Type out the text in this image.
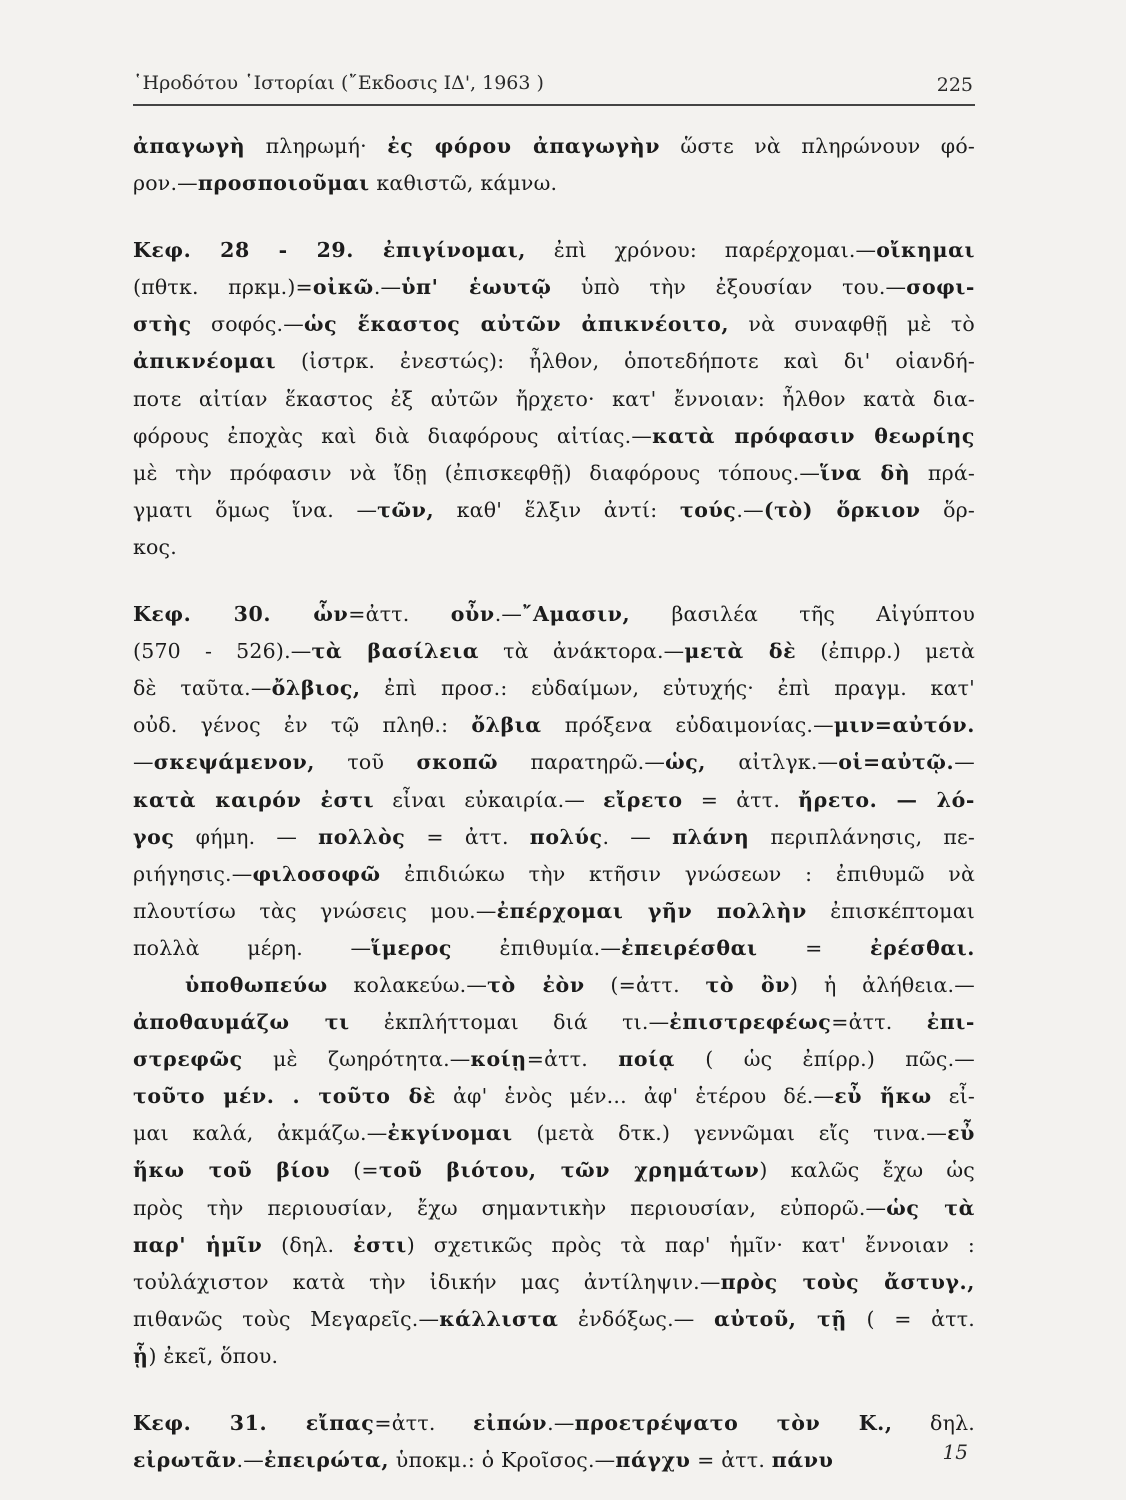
῾Ηροδότου ῾Ιστορίαι (῎Εκδοσις ΙΔ', 1963 )	225
ἀπαγωγὴ πληρωμή· ἐς φόρου ἀπαγωγὴν ὥστε νὰ πληρώνουν φό-
ρον.—προσποιοῦμαι καθιστῶ, κάμνω.
Κεφ. 28 - 29. ἐπιγίνομαι, ἐπὶ χρόνου: παρέρχομαι.—οἴκημαι
(πθτκ. πρκμ.)=οἰκῶ.—ὑπ' ἑωυτῷ ὑπὸ τὴν ἐξουσίαν του.—σοφι-
στὴς σοφός.—ὡς ἕκαστος αὐτῶν ἀπικνέοιτο, νὰ συναφθῇ μὲ τὸ
ἀπικνέομαι (ἰστρκ. ἐνεστώς): ἦλθον, ὁποτεδήποτε καὶ δι' οἱανδή-
ποτε αἰτίαν ἕκαστος ἐξ αὐτῶν ἤρχετο· κατ' ἔννοιαν: ἦλθον κατὰ δια-
φόρους ἐποχὰς καὶ διὰ διαφόρους αἰτίας.—κατὰ πρόφασιν θεωρίης
μὲ τὴν πρόφασιν νὰ ἴδῃ (ἐπισκεφθῇ) διαφόρους τόπους.—ἵνα δὴ πρά-
γματι ὅμως ἵνα. —τῶν, καθ' ἕλξιν ἀντί: τούς.—(τὸ) ὅρκιον ὅρ-
κος.
Κεφ. 30. ὧν=ἀττ. οὖν.—῎Αμασιν, βασιλέα τῆς Αἰγύπτου
(570 - 526).—τὰ βασίλεια τὰ ἀνάκτορα.—μετὰ δὲ (ἐπιρρ.) μετὰ
δὲ ταῦτα.—ὄλβιος, ἐπὶ προσ.: εὐδαίμων, εὐτυχής· ἐπὶ πραγμ. κατ'
οὐδ. γένος ἐν τῷ πληθ.: ὄλβια πρόξενα εὐδαιμονίας.—μιν=αὐτόν.
—σκεψάμενον, τοῦ σκοπῶ παρατηρῶ.—ὡς, αἰτλγκ.—οἱ=αὐτῷ.—
κατὰ καιρόν ἐστι εἶναι εὐκαιρία.— εἴρετο = ἀττ. ἤρετο. — λό-
γος φήμη. — πολλὸς = ἀττ. πολύς. — πλάνη περιπλάνησις, πε-
ριήγησις.—φιλοσοφῶ ἐπιδιώκω τὴν κτῆσιν γνώσεων : ἐπιθυμῶ νὰ
πλουτίσω τὰς γνώσεις μου.—ἐπέρχομαι γῆν πολλὴν ἐπισκέπτομαι
πολλὰ μέρη. —ἵμερος ἐπιθυμία.—ἐπειρέσθαι = ἐρέσθαι.
ὑποθωπεύω κολακεύω.—τὸ ἐὸν (=ἀττ. τὸ ὂν) ἡ ἀλήθεια.—
ἀποθαυμάζω τι ἐκπλήττομαι διά τι.—ἐπιστρεφέως=ἀττ. ἐπι-
στρεφῶς μὲ ζωηρότητα.—κοίῃ=ἀττ. ποίᾳ ( ὡς ἐπίρρ.) πῶς.—
τοῦτο μέν. . τοῦτο δὲ ἀφ' ἑνὸς μέν... ἀφ' ἑτέρου δέ.—εὖ ἥκω εἶ-
μαι καλά, ἀκμάζω.—ἐκγίνομαι (μετὰ δτκ.) γεννῶμαι εἴς τινα.—εὖ
ἥκω τοῦ βίου (=τοῦ βιότου, τῶν χρημάτων) καλῶς ἔχω ὡς
πρὸς τὴν περιουσίαν, ἔχω σημαντικὴν περιουσίαν, εὐπορῶ.—ὡς τὰ
παρ' ἡμῖν (δηλ. ἐστι) σχετικῶς πρὸς τὰ παρ' ἡμῖν· κατ' ἔννοιαν :
τοὐλάχιστον κατὰ τὴν ἰδικήν μας ἀντίληψιν.—πρὸς τοὺς ἄστυγ.,
πιθανῶς τοὺς Μεγαρεῖς.—κάλλιστα ἐνδόξως.— αὐτοῦ, τῇ ( = ἀττ.
ᾗ) ἐκεῖ, ὅπου.
Κεφ. 31. εἴπας=ἀττ. εἰπών.—προετρέψατο τὸν Κ., δηλ.
εἰρωτᾶν.—ἐπειρώτα, ὑποκμ.: ὁ Κροῖσος.—πάγχυ = ἀττ. πάνυ	15
